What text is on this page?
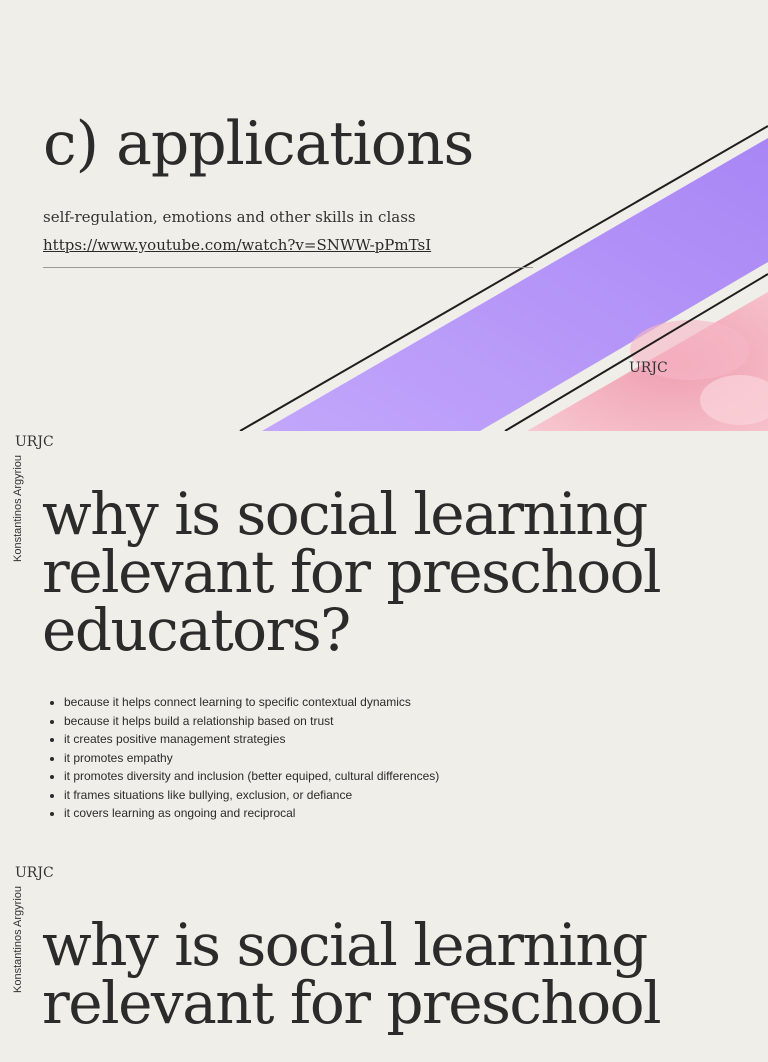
c) applications

self-regulation, emotions and other skills in class

https://www.youtube.com/watch?v=SNWW-pPmTsI

URJC

URJC

Konstantinos Argyriou why is social learning
relevant for preschool
educators?
• because it helps connect learning to specific contextual dynamics
• because it helps build a relationship based on trust
• it creates positive management strategies
• it promotes empathy
• it promotes diversity and inclusion (better equiped, cultural differences)
• it frames situations like bullying, exclusion, or defiance
• it covers learning as ongoing and reciprocal

URJC

Konstantinos Argyriou why is social learning
relevant for preschool
